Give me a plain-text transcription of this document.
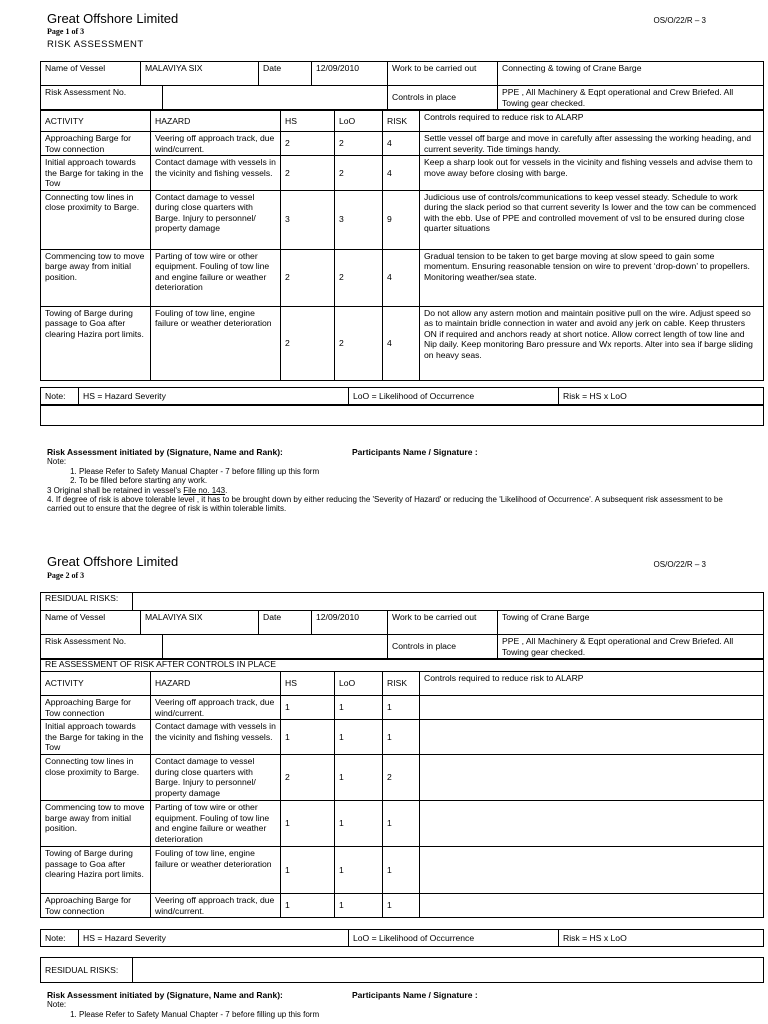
Great Offshore Limited	OS/O/22/R – 3
Page 1 of 3
RISK ASSESSMENT
Name of Vessel	MALAVIYA SIX	Date	12/09/2010	Work to be carried out	Connecting & towing of Crane Barge
Risk Assessment No.		Controls in place	PPE , All Machinery & Eqpt operational and Crew Briefed. All Towing gear checked.
ACTIVITY	HAZARD	HS	LoO	RISK	Controls required to reduce risk to ALARP
Approaching Barge for Tow connection	Veering off approach track, due wind/current.	2	2	4	Settle vessel off barge and move in carefully after assessing the working heading, and current severity. Tide timings handy.
Initial approach towards the Barge for taking in the Tow	Contact damage with vessels in the vicinity and fishing vessels.	2	2	4	Keep a sharp look out for vessels in the vicinity and fishing vessels and advise them to move away before closing with barge.
Connecting tow lines in close proximity to Barge.	Contact damage to vessel during close quarters with Barge. Injury to personnel/ property damage	3	3	9	Judicious use of controls/communications to keep vessel steady. Schedule to work during the slack period so that current severity Is lower and the tow can be commenced with the ebb. Use of PPE and controlled movement of vsl to be ensured during close quarter situations
Commencing tow to move barge away from initial position.	Parting of tow wire or other equipment. Fouling of tow line and engine failure or weather deterioration	2	2	4	Gradual tension to be taken to get barge moving at slow speed to gain some momentum. Ensuring reasonable tension on wire to prevent ‘drop-down’ to propellers. Monitoring weather/sea state.
Towing of Barge during passage to Goa after clearing Hazira port limits.	Fouling of tow line, engine failure or weather deterioration	2	2	4	Do not allow any astern motion and maintain positive pull on the wire. Adjust speed so as to maintain bridle connection in water and avoid any jerk on cable. Keep thrusters ON if required and anchors ready at short notice. Allow correct length of tow line and Nip daily. Keep monitoring Baro pressure and Wx reports. Alter into sea if barge sliding on heavy seas.
Note:	HS = Hazard Severity	LoO = Likelihood of Occurrence	Risk = HS x LoO
Risk Assessment initiated by (Signature, Name and Rank):	Participants Name / Signature :
Note:
1. Please Refer to Safety Manual Chapter - 7 before filling up this form
2. To be filled before starting any work.
3 Original shall be retained in vessel's File no. 143.
4. If degree of risk is above tolerable level , it has to be brought down by either reducing the 'Severity of Hazard' or reducing the 'Likelihood of Occurrence'. A subsequent risk assessment to be carried out to ensure that the degree of risk is within tolerable limits.
Great Offshore Limited	OS/O/22/R – 3
Page 2 of 3
RESIDUAL RISKS:	
Name of Vessel	MALAVIYA SIX	Date	12/09/2010	Work to be carried out	Towing of Crane Barge
Risk Assessment No.		Controls in place	PPE , All Machinery & Eqpt operational and Crew Briefed. All Towing gear checked.
RE ASSESSMENT OF RISK AFTER CONTROLS IN PLACE
ACTIVITY	HAZARD	HS	LoO	RISK	Controls required to reduce risk to ALARP
Approaching Barge for Tow connection	Veering off approach track, due wind/current.	1	1	1	
Initial approach towards the Barge for taking in the Tow	Contact damage with vessels in the vicinity and fishing vessels.	1	1	1	
Connecting tow lines in close proximity to Barge.	Contact damage to vessel during close quarters with Barge. Injury to personnel/ property damage	2	1	2	
Commencing tow to move barge away from initial position.	Parting of tow wire or other equipment. Fouling of tow line and engine failure or weather deterioration	1	1	1	
Towing of Barge during passage to Goa after clearing Hazira port limits.	Fouling of tow line, engine failure or weather deterioration	1	1	1	
Approaching Barge for Tow connection	Veering off approach track, due wind/current.	1	1	1	
Note:	HS = Hazard Severity	LoO = Likelihood of Occurrence	Risk = HS x LoO
RESIDUAL RISKS:	
Risk Assessment initiated by (Signature, Name and Rank):	Participants Name / Signature :
Note:
1. Please Refer to Safety Manual Chapter - 7 before filling up this form
